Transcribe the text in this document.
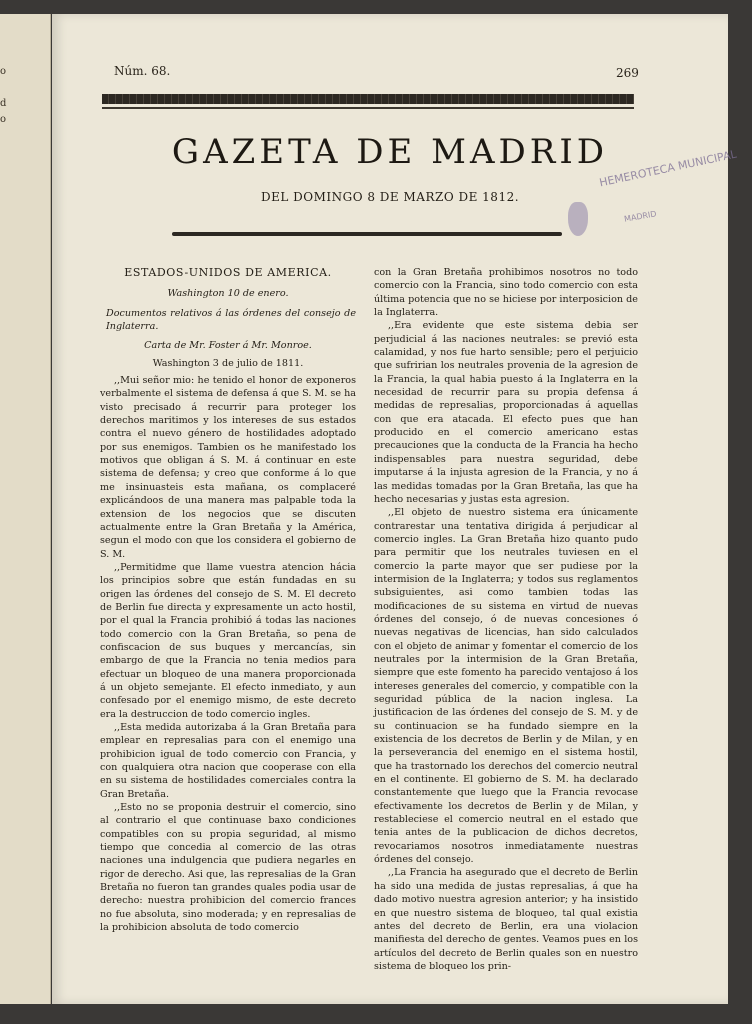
o
d
o
Núm. 68.	269
GAZETA DE MADRID
DEL DOMINGO 8 DE MARZO DE 1812.
HEMEROTECA MUNICIPAL
MADRID

ESTADOS-UNIDOS DE AMERICA.

Washington 10 de enero.

Documentos relativos á las órdenes del consejo de Inglaterra.

Carta de Mr. Foster á Mr. Monroe.

Washington 3 de julio de 1811.

,,Mui señor mio: he tenido el honor de exponeros verbalmente el sistema de defensa á que S. M. se ha visto precisado á recurrir para proteger los derechos maritimos y los intereses de sus estados contra el nuevo género de hostilidades adoptado por sus enemigos. Tambien os he manifestado los motivos que obligan á S. M. á continuar en este sistema de defensa; y creo que conforme á lo que me insinuasteis esta mañana, os complaceré explicándoos de una manera mas palpable toda la extension de los negocios que se discuten actualmente entre la Gran Bretaña y la América, segun el modo con que los considera el gobierno de S. M.

,,Permitidme que llame vuestra atencion hácia los principios sobre que están fundadas en su origen las órdenes del consejo de S. M. El decreto de Berlin fue directa y expresamente un acto hostil, por el qual la Francia prohibió á todas las naciones todo comercio con la Gran Bretaña, so pena de confiscacion de sus buques y mercancías, sin embargo de que la Francia no tenia medios para efectuar un bloqueo de una manera proporcionada á un objeto semejante. El efecto inmediato, y aun confesado por el enemigo mismo, de este decreto era la destruccion de todo comercio ingles.

,,Esta medida autorizaba á la Gran Bretaña para emplear en represalias para con el enemigo una prohibicion igual de todo comercio con Francia, y con qualquiera otra nacion que cooperase con ella en su sistema de hostilidades comerciales contra la Gran Bretaña.

,,Esto no se proponia destruir el comercio, sino al contrario el que continuase baxo condiciones compatibles con su propia seguridad, al mismo tiempo que concedia al comercio de las otras naciones una indulgencia que pudiera negarles en rigor de derecho. Asi que, las represalias de la Gran Bretaña no fueron tan grandes quales podia usar de derecho: nuestra prohibicion del comercio frances no fue absoluta, sino moderada; y en represalias de la prohibicion absoluta de todo comercio

con la Gran Bretaña prohibimos nosotros no todo comercio con la Francia, sino todo comercio con esta última potencia que no se hiciese por interposicion de la Inglaterra.

,,Era evidente que este sistema debia ser perjudicial á las naciones neutrales: se previó esta calamidad, y nos fue harto sensible; pero el perjuicio que sufririan los neutrales provenia de la agresion de la Francia, la qual habia puesto á la Inglaterra en la necesidad de recurrir para su propia defensa á medidas de represalias, proporcionadas á aquellas con que era atacada. El efecto pues que han producido en el comercio americano estas precauciones que la conducta de la Francia ha hecho indispensables para nuestra seguridad, debe imputarse á la injusta agresion de la Francia, y no á las medidas tomadas por la Gran Bretaña, las que ha hecho necesarias y justas esta agresion.

,,El objeto de nuestro sistema era únicamente contrarestar una tentativa dirigida á perjudicar al comercio ingles. La Gran Bretaña hizo quanto pudo para permitir que los neutrales tuviesen en el comercio la parte mayor que ser pudiese por la intermision de la Inglaterra; y todos sus reglamentos subsiguientes, asi como tambien todas las modificaciones de su sistema en virtud de nuevas órdenes del consejo, ó de nuevas concesiones ó nuevas negativas de licencias, han sido calculados con el objeto de animar y fomentar el comercio de los neutrales por la intermision de la Gran Bretaña, siempre que este fomento ha parecido ventajoso á los intereses generales del comercio, y compatible con la seguridad pública de la nacion inglesa. La justificacion de las órdenes del consejo de S. M. y de su continuacion se ha fundado siempre en la existencia de los decretos de Berlin y de Milan, y en la perseverancia del enemigo en el sistema hostil, que ha trastornado los derechos del comercio neutral en el continente. El gobierno de S. M. ha declarado constantemente que luego que la Francia revocase efectivamente los decretos de Berlin y de Milan, y restableciese el comercio neutral en el estado que tenia antes de la publicacion de dichos decretos, revocariamos nosotros inmediatamente nuestras órdenes del consejo.

,,La Francia ha asegurado que el decreto de Berlin ha sido una medida de justas represalias, á que ha dado motivo nuestra agresion anterior; y ha insistido en que nuestro sistema de bloqueo, tal qual existia antes del decreto de Berlin, era una violacion manifiesta del derecho de gentes. Veamos pues en los artículos del decreto de Berlin quales son en nuestro sistema de bloqueo los prin-
